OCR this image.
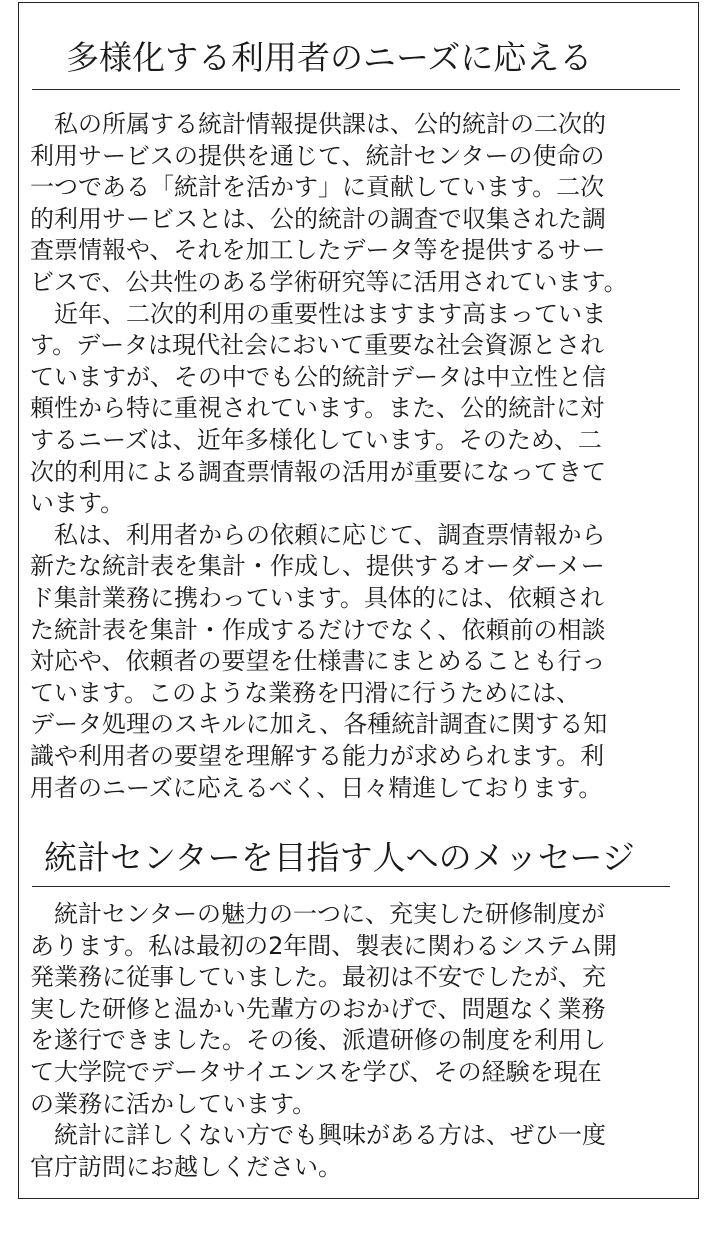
多様化する利用者のニーズに応える

　私の所属する統計情報提供課は、公的統計の二次的

利用サービスの提供を通じて、統計センターの使命の

一つである「統計を活かす」に貢献しています。二次

的利用サービスとは、公的統計の調査で収集された調

査票情報や、それを加工したデータ等を提供するサー

ビスで、公共性のある学術研究等に活用されています。

　近年、二次的利用の重要性はますます高まっていま

す。データは現代社会において重要な社会資源とされ

ていますが、その中でも公的統計データは中立性と信

頼性から特に重視されています。また、公的統計に対

するニーズは、近年多様化しています。そのため、二

次的利用による調査票情報の活用が重要になってきて

います。

　私は、利用者からの依頼に応じて、調査票情報から

新たな統計表を集計・作成し、提供するオーダーメー

ド集計業務に携わっています。具体的には、依頼され

た統計表を集計・作成するだけでなく、依頼前の相談

対応や、依頼者の要望を仕様書にまとめることも行っ

ています。このような業務を円滑に行うためには、

データ処理のスキルに加え、各種統計調査に関する知

識や利用者の要望を理解する能力が求められます。利

用者のニーズに応えるべく、日々精進しております。

統計センターを目指す人へのメッセージ

　統計センターの魅力の一つに、充実した研修制度が

あります。私は最初の2年間、製表に関わるシステム開

発業務に従事していました。最初は不安でしたが、充

実した研修と温かい先輩方のおかげで、問題なく業務

を遂行できました。その後、派遣研修の制度を利用し

て大学院でデータサイエンスを学び、その経験を現在

の業務に活かしています。

　統計に詳しくない方でも興味がある方は、ぜひ一度

官庁訪問にお越しください。
